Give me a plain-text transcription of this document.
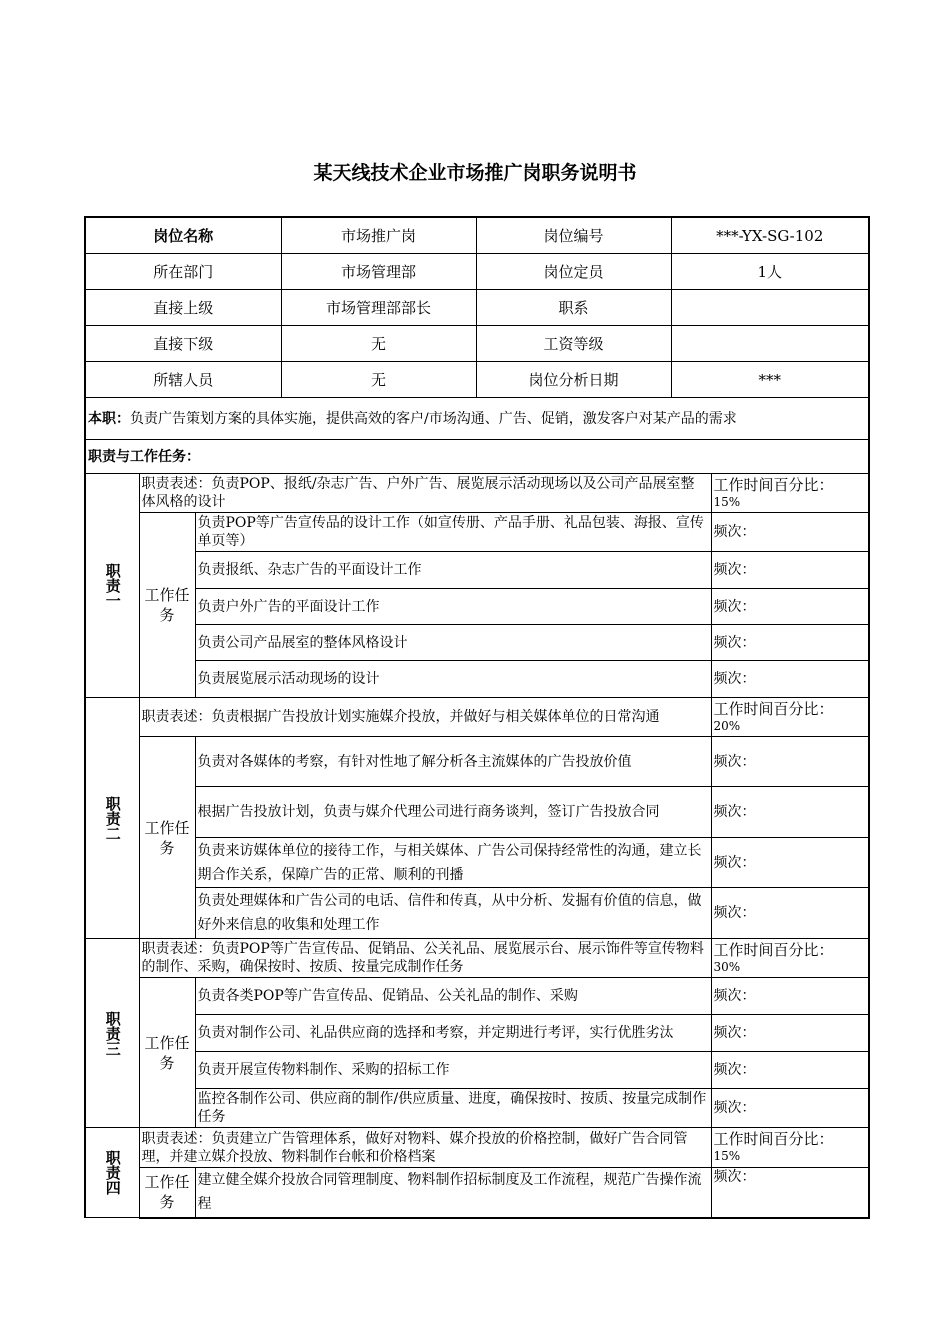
某天线技术企业市场推广岗职务说明书
岗位名称	市场推广岗	岗位编号	***-YX-SG-102
所在部门	市场管理部	岗位定员	1人
直接上级	市场管理部部长	职系	
直接下级	无	工资等级	
所辖人员	无	岗位分析日期	***
本职：负责广告策划方案的具体实施，提供高效的客户/市场沟通、广告、促销，激发客户对某产品的需求			
职责与工作任务：			
职责一	职责表述：负责POP、报纸/杂志广告、户外广告、展览展示活动现场以及公司产品展室整体风格的设计		工作时间百分比：
15%
	工作任务	负责POP等广告宣传品的设计工作（如宣传册、产品手册、礼品包装、海报、宣传单页等）	频次：
		负责报纸、杂志广告的平面设计工作	频次：
		负责户外广告的平面设计工作	频次：
		负责公司产品展室的整体风格设计	频次：
		负责展览展示活动现场的设计	频次：
职责二	职责表述：负责根据广告投放计划实施媒介投放，并做好与相关媒体单位的日常沟通		工作时间百分比：
20%
	工作任务	负责对各媒体的考察，有针对性地了解分析各主流媒体的广告投放价值	频次：
		根据广告投放计划，负责与媒介代理公司进行商务谈判，签订广告投放合同	频次：
		负责来访媒体单位的接待工作，与相关媒体、广告公司保持经常性的沟通，建立长期合作关系，保障广告的正常、顺利的刊播	频次：
		负责处理媒体和广告公司的电话、信件和传真，从中分析、发掘有价值的信息，做好外来信息的收集和处理工作	频次：
职责三	职责表述：负责POP等广告宣传品、促销品、公关礼品、展览展示台、展示饰件等宣传物料的制作、采购，确保按时、按质、按量完成制作任务		工作时间百分比：
30%
	工作任务	负责各类POP等广告宣传品、促销品、公关礼品的制作、采购	频次：
		负责对制作公司、礼品供应商的选择和考察，并定期进行考评，实行优胜劣汰	频次：
		负责开展宣传物料制作、采购的招标工作	频次：
		监控各制作公司、供应商的制作/供应质量、进度，确保按时、按质、按量完成制作任务	频次：
职责四	职责表述：负责建立广告管理体系，做好对物料、媒介投放的价格控制，做好广告合同管理，并建立媒介投放、物料制作台帐和价格档案		工作时间百分比：
15%
	工作任务	建立健全媒介投放合同管理制度、物料制作招标制度及工作流程，规范广告操作流程	频次：
